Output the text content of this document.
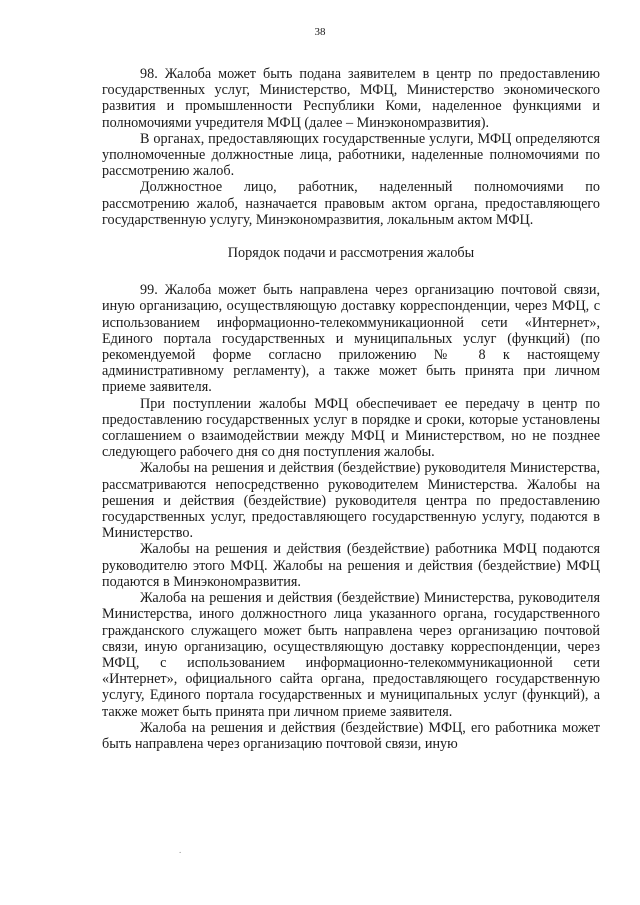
38

98. Жалоба может быть подана заявителем в центр по предоставлению государственных услуг, Министерство, МФЦ, Министерство экономического развития и промышленности Республики Коми, наделенное функциями и полномочиями учредителя МФЦ (далее – Минэкономразвития).

В органах, предоставляющих государственные услуги, МФЦ определяются уполномоченные должностные лица, работники, наделенные полномочиями по рассмотрению жалоб.

Должностное лицо, работник, наделенный полномочиями по рассмотрению жалоб, назначается правовым актом органа, предоставляющего государственную услугу, Минэкономразвития, локальным актом МФЦ.

Порядок подачи и рассмотрения жалобы

99. Жалоба может быть направлена через организацию почтовой связи, иную организацию, осуществляющую доставку корреспонденции, через МФЦ, с использованием информационно-телекоммуникационной сети «Интернет», Единого портала государственных и муниципальных услуг (функций) (по рекомендуемой форме согласно приложению № 8 к настоящему административному регламенту), а также может быть принята при личном приеме заявителя.

При поступлении жалобы МФЦ обеспечивает ее передачу в центр по предоставлению государственных услуг в порядке и сроки, которые установлены соглашением о взаимодействии между МФЦ и Министерством, но не позднее следующего рабочего дня со дня поступления жалобы.

Жалобы на решения и действия (бездействие) руководителя Министерства, рассматриваются непосредственно руководителем Министерства. Жалобы на решения и действия (бездействие) руководителя центра по предоставлению государственных услуг, предоставляющего государственную услугу, подаются в Министерство.

Жалобы на решения и действия (бездействие) работника МФЦ подаются руководителю этого МФЦ. Жалобы на решения и действия (бездействие) МФЦ подаются в Минэкономразвития.

Жалоба на решения и действия (бездействие) Министерства, руководителя Министерства, иного должностного лица указанного органа, государственного гражданского служащего может быть направлена через организацию почтовой связи, иную организацию, осуществляющую доставку корреспонденции, через МФЦ, с использованием информационно-телекоммуникационной сети «Интернет», официального сайта органа, предоставляющего государственную услугу, Единого портала государственных и муниципальных услуг (функций), а также может быть принята при личном приеме заявителя.

Жалоба на решения и действия (бездействие) МФЦ, его работника может быть направлена через организацию почтовой связи, иную

.
